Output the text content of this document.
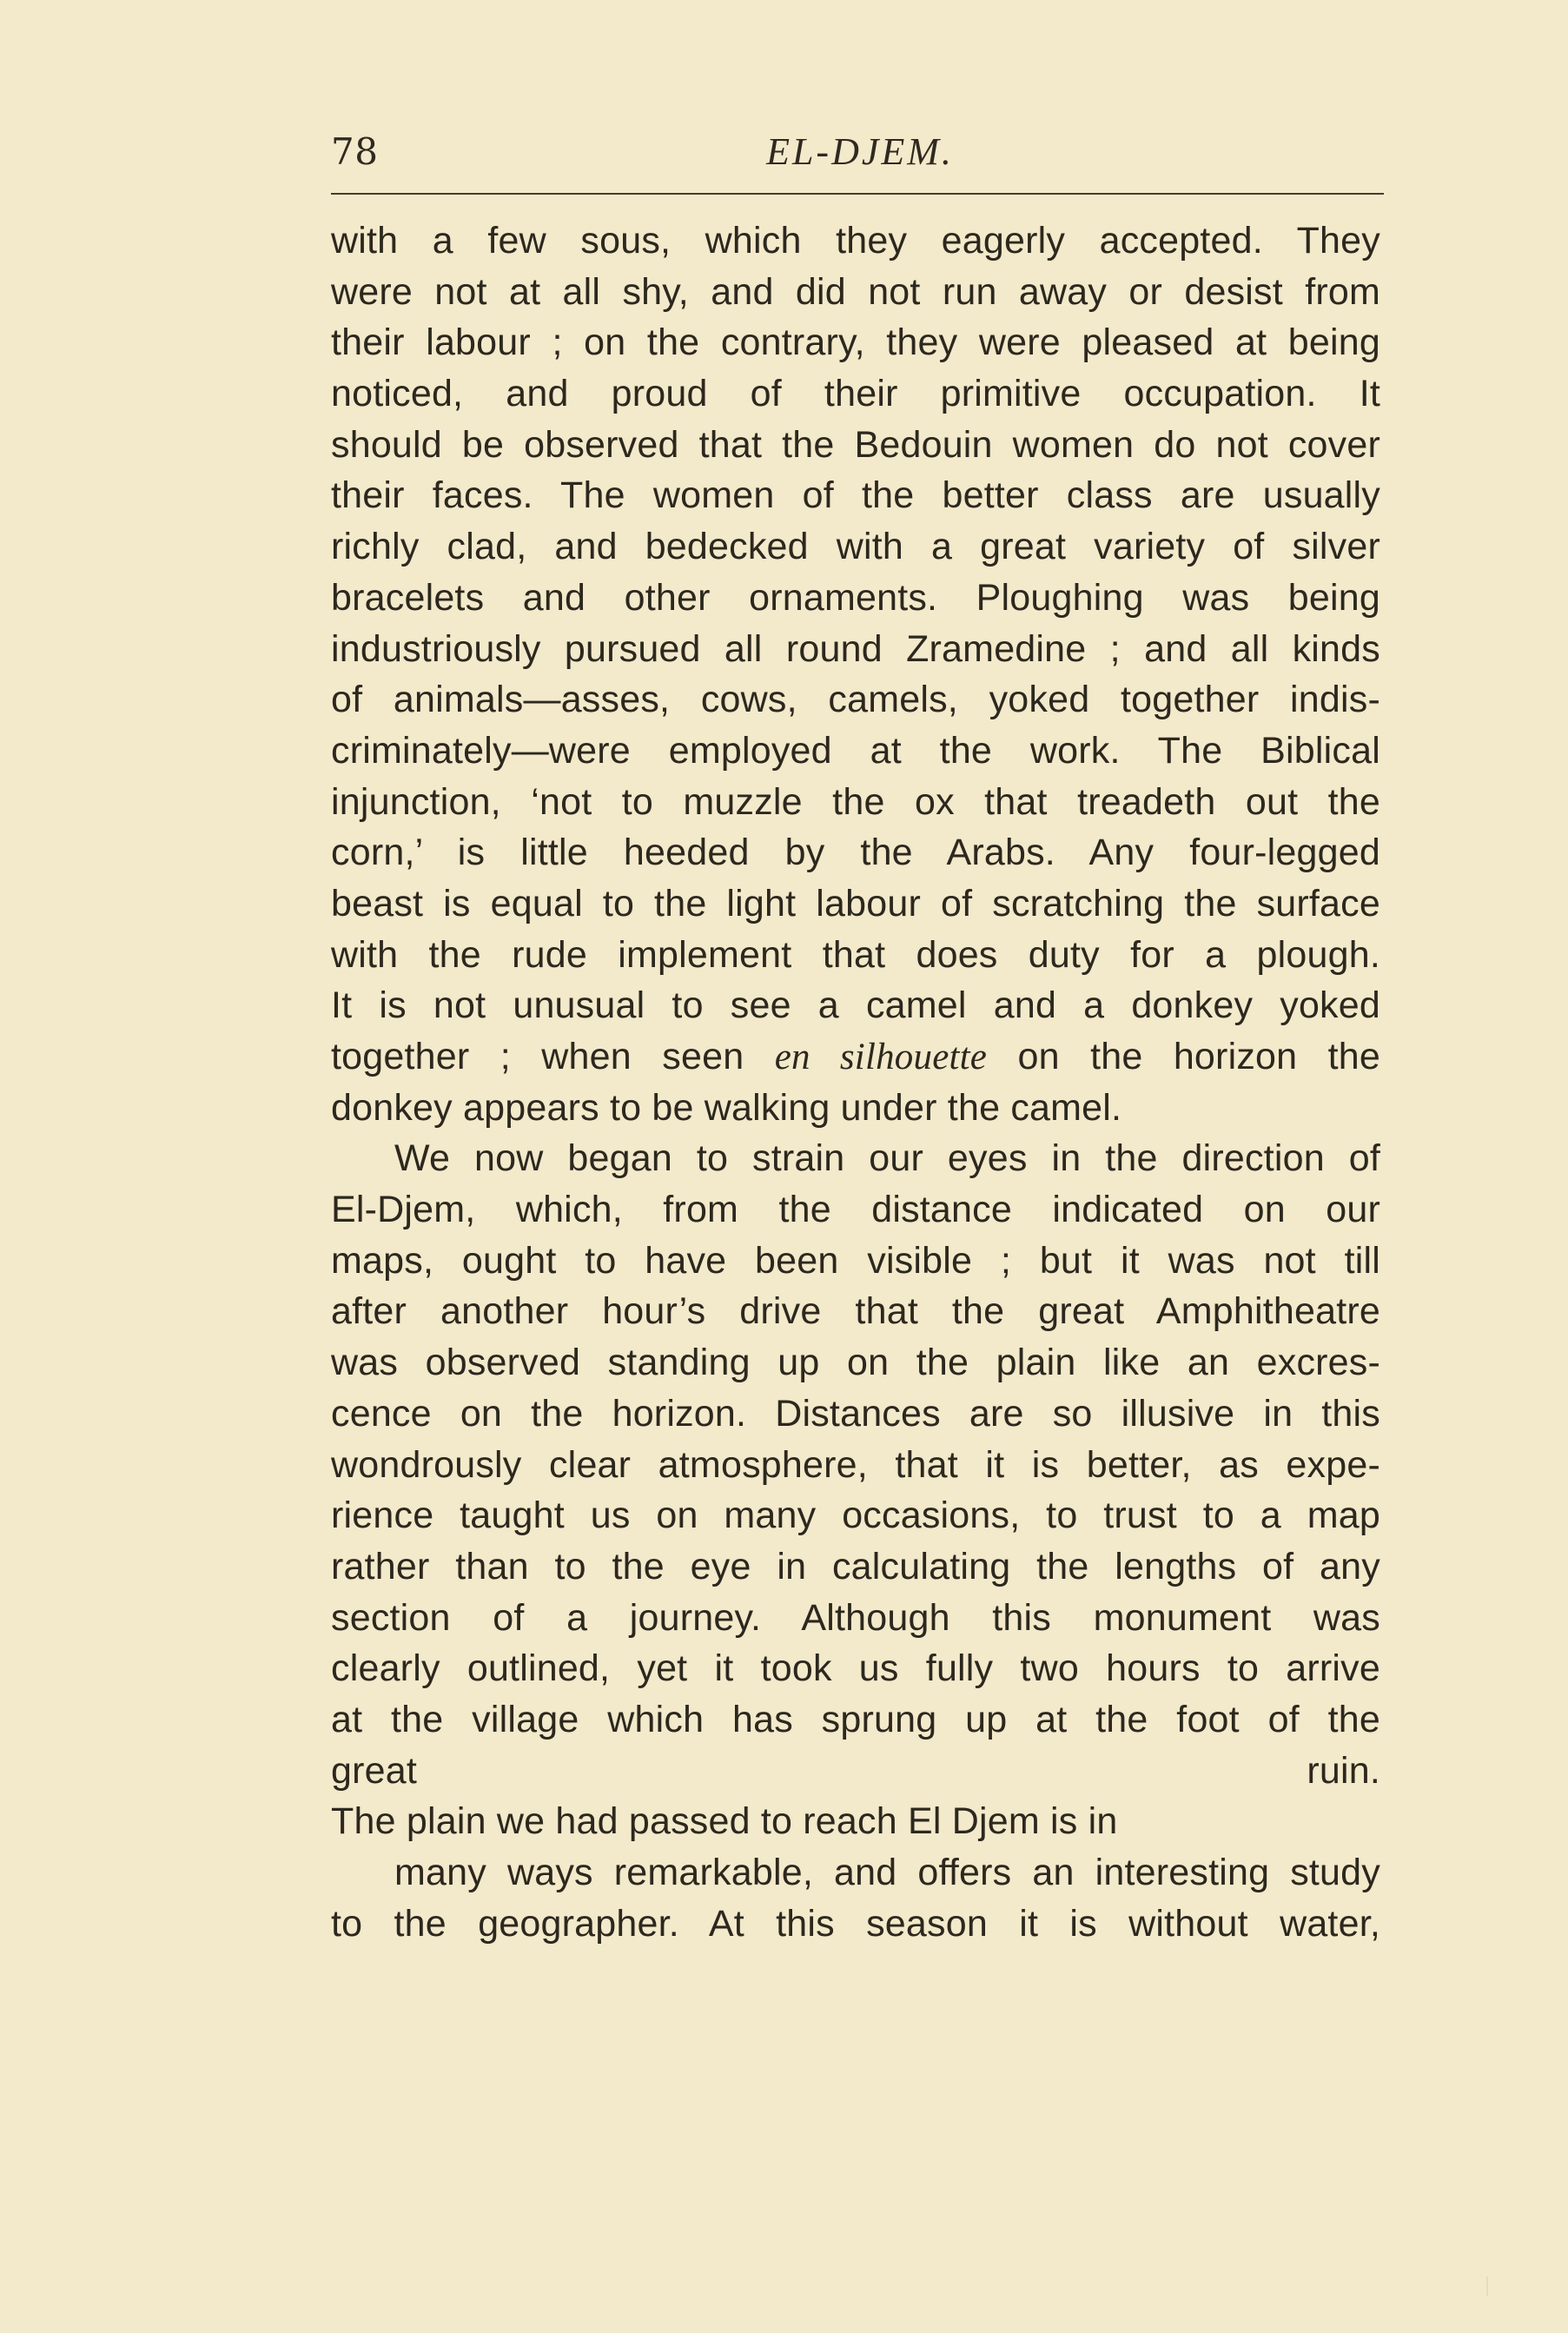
78	EL-DJEM.
with a few sous, which they eagerly accepted. They
were not at all shy, and did not run away or desist from
their labour ; on the contrary, they were pleased at being
noticed, and proud of their primitive occupation. It
should be observed that the Bedouin women do not cover
their faces. The women of the better class are usually
richly clad, and bedecked with a great variety of silver
bracelets and other ornaments. Ploughing was being
industriously pursued all round Zramedine ; and all kinds
of animals—asses, cows, camels, yoked together indis-
criminately—were employed at the work. The Biblical
injunction, ‘not to muzzle the ox that treadeth out the
corn,’ is little heeded by the Arabs. Any four-legged
beast is equal to the light labour of scratching the surface
with the rude implement that does duty for a plough.
It is not unusual to see a camel and a donkey yoked
together ; when seen en silhouette on the horizon the
donkey appears to be walking under the camel.
We now began to strain our eyes in the direction of
El-Djem, which, from the distance indicated on our
maps, ought to have been visible ; but it was not till
after another hour’s drive that the great Amphitheatre
was observed standing up on the plain like an excres-
cence on the horizon. Distances are so illusive in this
wondrously clear atmosphere, that it is better, as expe-
rience taught us on many occasions, to trust to a map
rather than to the eye in calculating the lengths of any
section of a journey. Although this monument was
clearly outlined, yet it took us fully two hours to arrive
at the village which has sprung up at the foot of the
great ruin.
The plain we had passed to reach El Djem is in
many ways remarkable, and offers an interesting study
to the geographer. At this season it is without water,
